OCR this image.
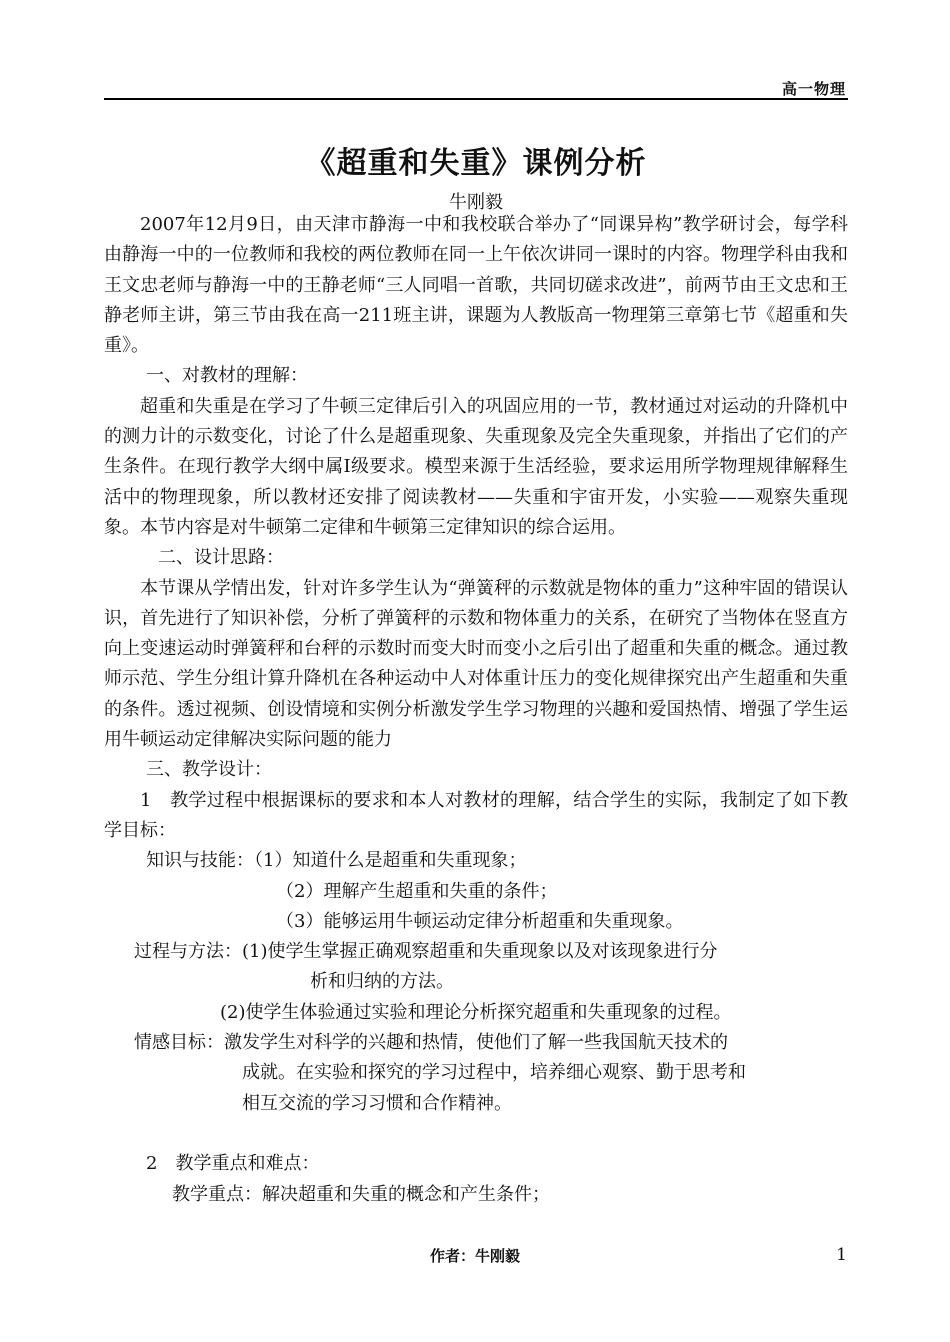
高一物理
《超重和失重》课例分析
牛刚毅

2007年12月9日，由天津市静海一中和我校联合举办了“同课异构”教学研讨会，每学科由静海一中的一位教师和我校的两位教师在同一上午依次讲同一课时的内容。物理学科由我和王文忠老师与静海一中的王静老师“三人同唱一首歌，共同切磋求改进”，前两节由王文忠和王静老师主讲，第三节由我在高一211班主讲，课题为人教版高一物理第三章第七节《超重和失重》。

一、对教材的理解：

超重和失重是在学习了牛顿三定律后引入的巩固应用的一节，教材通过对运动的升降机中的测力计的示数变化，讨论了什么是超重现象、失重现象及完全失重现象，并指出了它们的产生条件。在现行教学大纲中属Ⅰ级要求。模型来源于生活经验，要求运用所学物理规律解释生活中的物理现象，所以教材还安排了阅读教材——失重和宇宙开发，小实验——观察失重现象。本节内容是对牛顿第二定律和牛顿第三定律知识的综合运用。

二、设计思路：

本节课从学情出发，针对许多学生认为“弹簧秤的示数就是物体的重力”这种牢固的错误认识，首先进行了知识补偿，分析了弹簧秤的示数和物体重力的关系，在研究了当物体在竖直方向上变速运动时弹簧秤和台秤的示数时而变大时而变小之后引出了超重和失重的概念。通过教师示范、学生分组计算升降机在各种运动中人对体重计压力的变化规律探究出产生超重和失重的条件。透过视频、创设情境和实例分析激发学生学习物理的兴趣和爱国热情、增强了学生运用牛顿运动定律解决实际问题的能力

三、教学设计：

1　教学过程中根据课标的要求和本人对教材的理解，结合学生的实际，我制定了如下教学目标：

知识与技能：（1）知道什么是超重和失重现象；

（2）理解产生超重和失重的条件；

（3）能够运用牛顿运动定律分析超重和失重现象。

过程与方法：(1)使学生掌握正确观察超重和失重现象以及对该现象进行分

析和归纳的方法。

(2)使学生体验通过实验和理论分析探究超重和失重现象的过程。

情感目标：激发学生对科学的兴趣和热情，使他们了解一些我国航天技术的

成就。在实验和探究的学习过程中，培养细心观察、勤于思考和

相互交流的学习习惯和合作精神。

2　教学重点和难点：

教学重点：解决超重和失重的概念和产生条件；

作者：牛刚毅	1
